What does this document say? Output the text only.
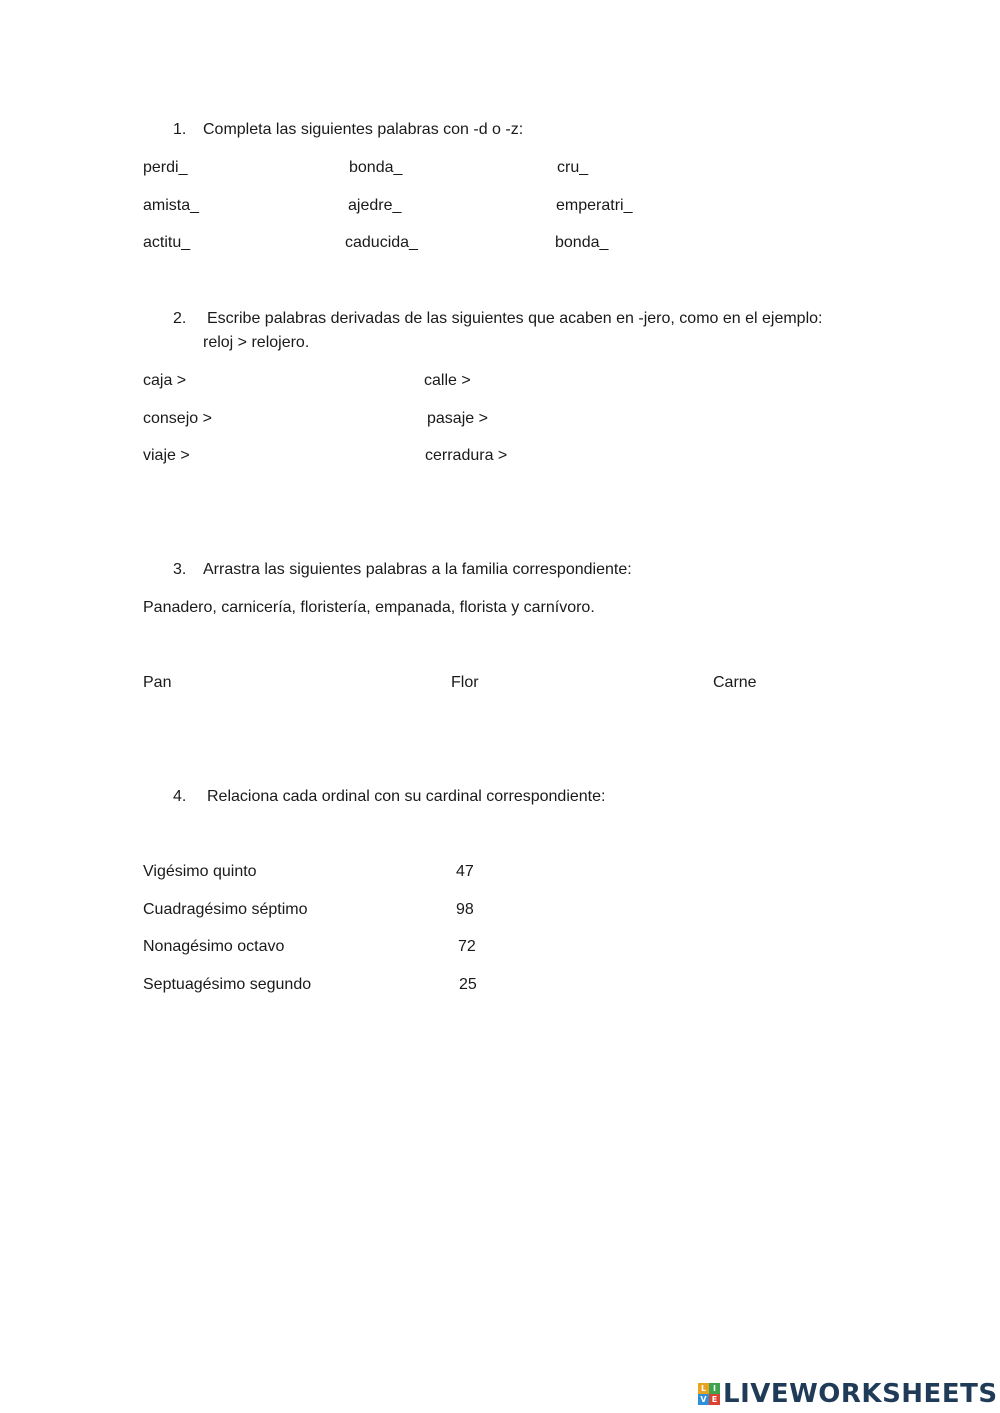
1. Completa las siguientes palabras con -d o -z:
perdi_	bonda_	cru_
amista_	ajedre_	emperatri_
actitu_	caducida_	bonda_
2. Escribe palabras derivadas de las siguientes que acaben en -jero, como en el ejemplo:
reloj > relojero.
caja >	calle >
consejo >	pasaje >
viaje >	cerradura >
3. Arrastra las siguientes palabras a la familia correspondiente:
Panadero, carnicería, floristería, empanada, florista y carnívoro.
Pan	Flor	Carne
4. Relaciona cada ordinal con su cardinal correspondiente:
Vigésimo quinto	47
Cuadragésimo séptimo	98
Nonagésimo octavo	72
Septuagésimo segundo	25
L I
V E LIVEWORKSHEETS
